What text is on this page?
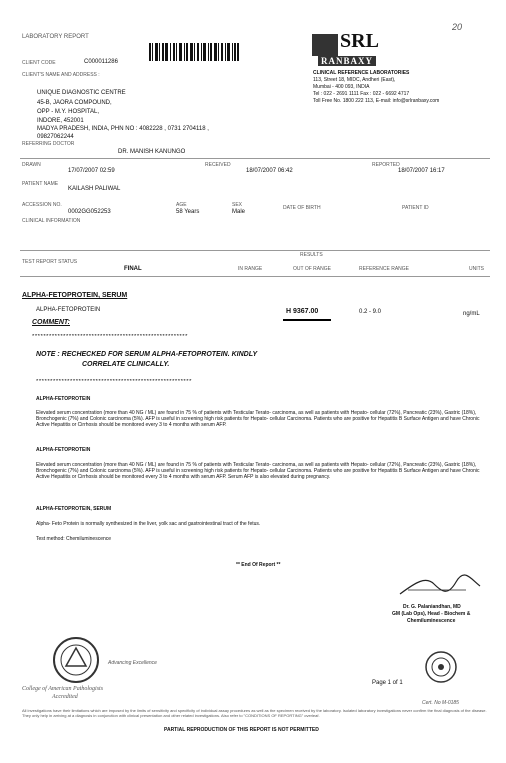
LABORATORY REPORT
20
CLIENT CODE	C000011286
CLIENT'S NAME AND ADDRESS :
UNIQUE DIAGNOSTIC CENTRE
45-B, JAORA COMPOUND,
OPP - M.Y. HOSPITAL,
INDORE, 452001
MADYA PRADESH, INDIA, PHN NO : 4082228 , 0731 2704118 ,
09827062244
REFERRING DOCTOR
DR. MANISH KANUNGO
SRL
RANBAXY
CLINICAL REFERENCE LABORATORIES
113, Street 18, MIDC, Andheri (East),
Mumbai - 400 093, INDIA
Tel : 022 - 2691 1111 Fax : 022 - 6692 4717
Toll Free No. 1800 222 113, E-mail: info@srlranbaxy.com
DRAWN
17/07/2007 02:59
RECEIVED
18/07/2007 06:42
REPORTED
18/07/2007 16:17
PATIENT NAME
KAILASH PALIWAL
ACCESSION NO.
0002GG052253
AGE
58 Years
SEX
Male
DATE OF BIRTH	PATIENT ID
CLINICAL INFORMATION
RESULTS
TEST REPORT STATUS
FINAL	IN RANGE	OUT OF RANGE	REFERENCE RANGE	UNITS
ALPHA-FETOPROTEIN, SERUM
ALPHA-FETOPROTEIN	H 9367.00	0.2 - 9.0	ng/mL
COMMENT:
*******************************************************
NOTE : RECHECKED FOR SERUM ALPHA-FETOPROTEIN. KINDLY
CORRELATE CLINICALLY.
*******************************************************
ALPHA-FETOPROTEIN
Elevated serum concentration (more than 40 NG / ML) are found in 75 % of patients with Testicular Terato- carcinoma, as well as patients with Hepato- cellular (72%), Pancreatic (23%), Gastric (18%), Bronchogenic (7%) and Colonic carcinoma (5%). AFP is useful in screening high risk patients for Hepato- cellular Carcinoma. Patients who are positive for Hepatitis B Surface Antigen and have Chronic Active Hepatitis or Cirrhosis should be monitored every 3 to 4 months with serum AFP.
ALPHA-FETOPROTEIN
Elevated serum concentration (more than 40 NG / ML) are found in 75 % of patients with Testicular Terato- carcinoma, as well as patients with Hepato- cellular (72%), Pancreatic (23%), Gastric (18%), Bronchogenic (7%) and Colonic carcinoma (5%). AFP is useful in screening high risk patients for Hepato- cellular Carcinoma. Patients who are positive for Hepatitis B Surface Antigen and have Chronic Active Hepatitis or Cirrhosis should be monitored every 3 to 4 months with serum AFP. Serum AFP is also elevated during pregnancy.
ALPHA-FETOPROTEIN, SERUM
Alpha- Feto Protein is normally synthesized in the liver, yolk sac and gastrointestinal tract of the fetus.
Test method: Chemiluminescence
** End Of Report **
Dr. G. Palaniandhan, MD
GM (Lab Ops), Head - Biochem &
Chemiluminescence
Advancing Excellence
College of American Pathologists
Accredited
Page 1 of 1
Cert. No M-0185
All investigations have their limitations which are imposed by the limits of sensitivity and specificity of individual assay procedures as well as the specimen received by the laboratory. Isolated laboratory investigations never confirm the final diagnosis of the disease. They only help in arriving at a diagnosis in conjunction with clinical presentation and other related investigations. Also refer to "CONDITIONS OF REPORTING" overleaf.
PARTIAL REPRODUCTION OF THIS REPORT IS NOT PERMITTED
